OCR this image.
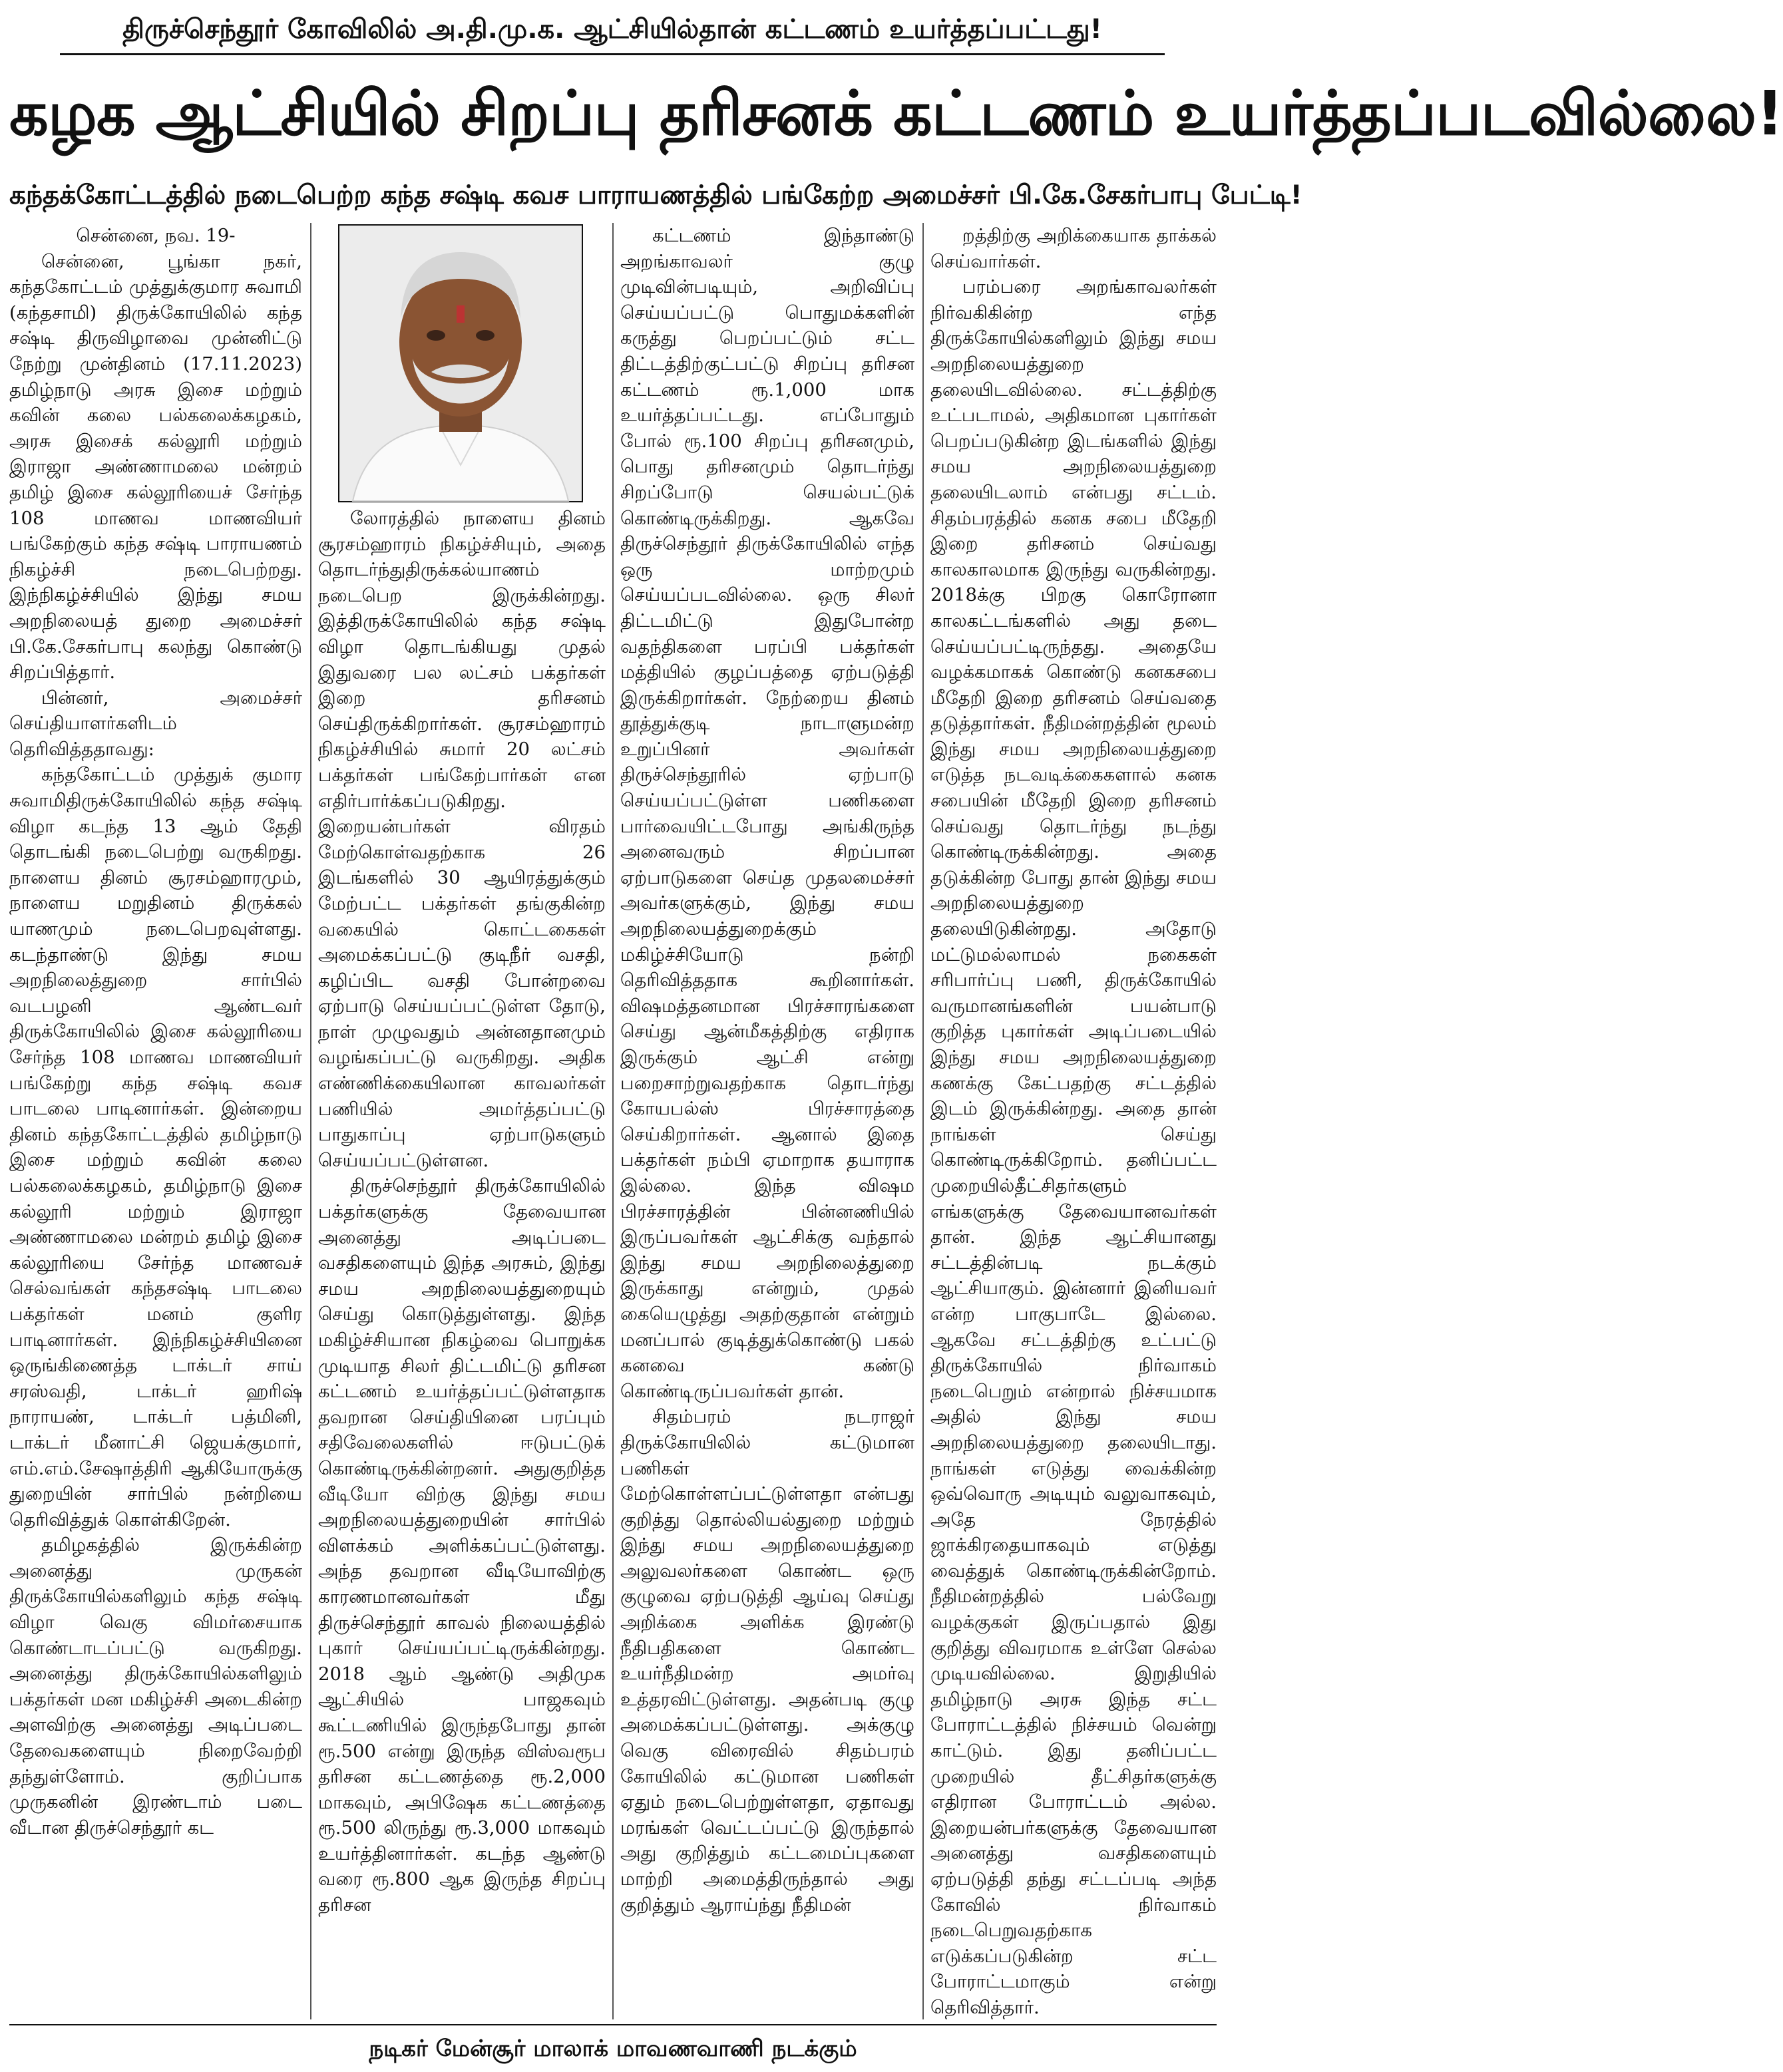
திருச்செந்தூர் கோவிலில் அ.தி.மு.க. ஆட்சியில்தான் கட்டணம் உயர்த்தப்பட்டது!
கழக ஆட்சியில் சிறப்பு தரிசனக் கட்டணம் உயர்த்தப்படவில்லை!
கந்தக்கோட்டத்தில் நடைபெற்ற கந்த சஷ்டி கவச பாராயணத்தில் பங்கேற்ற அமைச்சர் பி.கே.சேகர்பாபு பேட்டி!

சென்னை, நவ. 19-

சென்னை, பூங்கா நகர், கந்தகோட்டம் முத்துக்குமார சுவாமி (கந்தசாமி) திருக்கோயிலில் கந்த சஷ்டி திருவிழாவை முன்னிட்டு நேற்று முன்தினம் (17.11.2023) தமிழ்நாடு அரசு இசை மற்றும் கவின் கலை பல்கலைக்கழகம், அரசு இசைக் கல்லூரி மற்றும் இராஜா அண்ணாமலை மன்றம் தமிழ் இசை கல்லூரியைச் சேர்ந்த 108 மாணவ மாணவியர் பங்கேற்கும் கந்த சஷ்டி பாராயணம் நிகழ்ச்சி நடைபெற்றது. இந்நிகழ்ச்சியில் இந்து சமய அறநிலையத் துறை அமைச்சர் பி.கே.சேகர்பாபு கலந்து கொண்டு சிறப்பித்தார்.

பின்னர், அமைச்சர் செய்தியாளர்களிடம் தெரிவித்ததாவது:

கந்தகோட்டம் முத்துக் குமார சுவாமிதிருக்கோயிலில் கந்த சஷ்டி விழா கடந்த 13 ஆம் தேதி தொடங்கி நடைபெற்று வருகிறது. நாளைய தினம் சூரசம்ஹாரமும், நாளைய மறுதினம் திருக்கல் யாணமும் நடைபெறவுள்ளது. கடந்தாண்டு இந்து சமய அறநிலைத்துறை சார்பில் வடபழனி ஆண்டவர் திருக்கோயிலில் இசை கல்லூரியை சேர்ந்த 108 மாணவ மாணவியர் பங்கேற்று கந்த சஷ்டி கவச பாடலை பாடினார்கள். இன்றைய தினம் கந்தகோட்டத்தில் தமிழ்நாடு இசை மற்றும் கவின் கலை பல்கலைக்கழகம், தமிழ்நாடு இசை கல்லூரி மற்றும் இராஜா அண்ணாமலை மன்றம் தமிழ் இசை கல்லூரியை சேர்ந்த மாணவச் செல்வங்கள் கந்தசஷ்டி பாடலை பக்தர்கள் மனம் குளிர பாடினார்கள். இந்நிகழ்ச்சியினை ஒருங்கிணைத்த டாக்டர் சாய் சரஸ்வதி, டாக்டர் ஹரிஷ் நாராயண், டாக்டர் பத்மினி, டாக்டர் மீனாட்சி ஜெயக்குமார், எம்.எம்.சேஷாத்திரி ஆகியோருக்கு துறையின் சார்பில் நன்றியை தெரிவித்துக் கொள்கிறேன்.

தமிழகத்தில் இருக்கின்ற அனைத்து முருகன் திருக்கோயில்களிலும் கந்த சஷ்டி விழா வெகு விமர்சையாக கொண்டாடப்பட்டு வருகிறது. அனைத்து திருக்கோயில்களிலும் பக்தர்கள் மன மகிழ்ச்சி அடைகின்ற அளவிற்கு அனைத்து அடிப்படை தேவைகளையும் நிறைவேற்றி தந்துள்ளோம். குறிப்பாக முருகனின் இரண்டாம் படை வீடான திருச்செந்தூர் கட

லோரத்தில் நாளைய தினம் சூரசம்ஹாரம் நிகழ்ச்சியும், அதை தொடர்ந்துதிருக்கல்யாணம் நடைபெற இருக்கின்றது. இத்திருக்கோயிலில் கந்த சஷ்டி விழா தொடங்கியது முதல் இதுவரை பல லட்சம் பக்தர்கள் இறை தரிசனம் செய்திருக்கிறார்கள். சூரசம்ஹாரம் நிகழ்ச்சியில் சுமார் 20 லட்சம் பக்தர்கள் பங்கேற்பார்கள் என எதிர்பார்க்கப்படுகிறது. இறையன்பர்கள் விரதம் மேற்கொள்வதற்காக 26 இடங்களில் 30 ஆயிரத்துக்கும் மேற்பட்ட பக்தர்கள் தங்குகின்ற வகையில் கொட்டகைகள் அமைக்கப்பட்டு குடிநீர் வசதி, கழிப்பிட வசதி போன்றவை ஏற்பாடு செய்யப்பட்டுள்ள தோடு, நாள் முழுவதும் அன்னதானமும் வழங்கப்பட்டு வருகிறது. அதிக எண்ணிக்கையிலான காவலர்கள் பணியில் அமர்த்தப்பட்டு பாதுகாப்பு ஏற்பாடுகளும் செய்யப்பட்டுள்ளன.

திருச்செந்தூர் திருக்கோயிலில் பக்தர்களுக்கு தேவையான அனைத்து அடிப்படை வசதிகளையும் இந்த அரசும், இந்து சமய அறநிலையத்துறையும் செய்து கொடுத்துள்ளது. இந்த மகிழ்ச்சியான நிகழ்வை பொறுக்க முடியாத சிலர் திட்டமிட்டு தரிசன கட்டணம் உயர்த்தப்பட்டுள்ளதாக தவறான செய்தியினை பரப்பும் சதிவேலைகளில் ஈடுபட்டுக் கொண்டிருக்கின்றனர். அதுகுறித்த வீடியோ விற்கு இந்து சமய அறநிலையத்துறையின் சார்பில் விளக்கம் அளிக்கப்பட்டுள்ளது. அந்த தவறான வீடியோவிற்கு காரணமானவர்கள் மீது திருச்செந்தூர் காவல் நிலையத்தில் புகார் செய்யப்பட்டிருக்கின்றது. 2018 ஆம் ஆண்டு அதிமுக ஆட்சியில் பாஜகவும் கூட்டணியில் இருந்தபோது தான் ரூ.500 என்று இருந்த விஸ்வரூப தரிசன கட்டணத்தை ரூ.2,000 மாகவும், அபிஷேக கட்டணத்தை ரூ.500 லிருந்து ரூ.3,000 மாகவும் உயர்த்தினார்கள். கடந்த ஆண்டு வரை ரூ.800 ஆக இருந்த சிறப்பு தரிசன

கட்டணம் இந்தாண்டு அறங்காவலர் குழு முடிவின்படியும், அறிவிப்பு செய்யப்பட்டு பொதுமக்களின் கருத்து பெறப்பட்டும் சட்ட திட்டத்திற்குட்பட்டு சிறப்பு தரிசன கட்டணம் ரூ.1,000 மாக உயர்த்தப்பட்டது. எப்போதும் போல் ரூ.100 சிறப்பு தரிசனமும், பொது தரிசனமும் தொடர்ந்து சிறப்போடு செயல்பட்டுக் கொண்டிருக்கிறது. ஆகவே திருச்செந்தூர் திருக்கோயிலில் எந்த ஒரு மாற்றமும் செய்யப்படவில்லை. ஒரு சிலர் திட்டமிட்டு இதுபோன்ற வதந்திகளை பரப்பி பக்தர்கள் மத்தியில் குழப்பத்தை ஏற்படுத்தி இருக்கிறார்கள். நேற்றைய தினம் தூத்துக்குடி நாடாளுமன்ற உறுப்பினர் அவர்கள் திருச்செந்தூரில் ஏற்பாடு செய்யப்பட்டுள்ள பணிகளை பார்வையிட்டபோது அங்கிருந்த அனைவரும் சிறப்பான ஏற்பாடுகளை செய்த முதலமைச்சர் அவர்களுக்கும், இந்து சமய அறநிலையத்துறைக்கும் மகிழ்ச்சியோடு நன்றி தெரிவித்ததாக கூறினார்கள். விஷமத்தனமான பிரச்சாரங்களை செய்து ஆன்மீகத்திற்கு எதிராக இருக்கும் ஆட்சி என்று பறைசாற்றுவதற்காக தொடர்ந்து கோயபல்ஸ் பிரச்சாரத்தை செய்கிறார்கள். ஆனால் இதை பக்தர்கள் நம்பி ஏமாறாக தயாராக இல்லை. இந்த விஷம பிரச்சாரத்தின் பின்னணியில் இருப்பவர்கள் ஆட்சிக்கு வந்தால் இந்து சமய அறநிலைத்துறை இருக்காது என்றும், முதல் கையெழுத்து அதற்குதான் என்றும் மனப்பால் குடித்துக்கொண்டு பகல் கனவை கண்டு கொண்டிருப்பவர்கள் தான்.

சிதம்பரம் நடராஜர் திருக்கோயிலில் கட்டுமான பணிகள் மேற்கொள்ளப்பட்டுள்ளதா என்பது குறித்து தொல்லியல்துறை மற்றும் இந்து சமய அறநிலையத்துறை அலுவலர்களை கொண்ட ஒரு குழுவை ஏற்படுத்தி ஆய்வு செய்து அறிக்கை அளிக்க இரண்டு நீதிபதிகளை கொண்ட உயர்நீதிமன்ற அமர்வு உத்தரவிட்டுள்ளது. அதன்படி குழு அமைக்கப்பட்டுள்ளது. அக்குழு வெகு விரைவில் சிதம்பரம் கோயிலில் கட்டுமான பணிகள் ஏதும் நடைபெற்றுள்ளதா, ஏதாவது மரங்கள் வெட்டப்பட்டு இருந்தால் அது குறித்தும் கட்டமைப்புகளை மாற்றி அமைத்திருந்தால் அது குறித்தும் ஆராய்ந்து நீதிமன்

றத்திற்கு அறிக்கையாக தாக்கல் செய்வார்கள்.

பரம்பரை அறங்காவலர்கள் நிர்வகிகின்ற எந்த திருக்கோயில்களிலும் இந்து சமய அறநிலையத்துறை தலையிடவில்லை. சட்டத்திற்கு உட்படாமல், அதிகமான புகார்கள் பெறப்படுகின்ற இடங்களில் இந்து சமய அறநிலையத்துறை தலையிடலாம் என்பது சட்டம். சிதம்பரத்தில் கனக சபை மீதேறி இறை தரிசனம் செய்வது காலகாலமாக இருந்து வருகின்றது. 2018க்கு பிறகு கொரோனா காலகட்டங்களில் அது தடை செய்யப்பட்டிருந்தது. அதையே வழக்கமாகக் கொண்டு கனகசபை மீதேறி இறை தரிசனம் செய்வதை தடுத்தார்கள். நீதிமன்றத்தின் மூலம் இந்து சமய அறநிலையத்துறை எடுத்த நடவடிக்கைகளால் கனக சபையின் மீதேறி இறை தரிசனம் செய்வது தொடர்ந்து நடந்து கொண்டிருக்கின்றது. அதை தடுக்கின்ற போது தான் இந்து சமய அறநிலையத்துறை தலையிடுகின்றது. அதோடு மட்டுமல்லாமல் நகைகள் சரிபார்ப்பு பணி, திருக்கோயில் வருமானங்களின் பயன்பாடு குறித்த புகார்கள் அடிப்படையில் இந்து சமய அறநிலையத்துறை கணக்கு கேட்பதற்கு சட்டத்தில் இடம் இருக்கின்றது. அதை தான் நாங்கள் செய்து கொண்டிருக்கிறோம். தனிப்பட்ட முறையில்தீட்சிதர்களும் எங்களுக்கு தேவையானவர்கள் தான். இந்த ஆட்சியானது சட்டத்தின்படி நடக்கும் ஆட்சியாகும். இன்னார் இனியவர் என்ற பாகுபாடே இல்லை. ஆகவே சட்டத்திற்கு உட்பட்டு திருக்கோயில் நிர்வாகம் நடைபெறும் என்றால் நிச்சயமாக அதில் இந்து சமய அறநிலையத்துறை தலையிடாது. நாங்கள் எடுத்து வைக்கின்ற ஒவ்வொரு அடியும் வலுவாகவும், அதே நேரத்தில் ஜாக்கிரதையாகவும் எடுத்து வைத்துக் கொண்டிருக்கின்றோம். நீதிமன்றத்தில் பல்வேறு வழக்குகள் இருப்பதால் இது குறித்து விவரமாக உள்ளே செல்ல முடியவில்லை. இறுதியில் தமிழ்நாடு அரசு இந்த சட்ட போராட்டத்தில் நிச்சயம் வென்று காட்டும். இது தனிப்பட்ட முறையில் தீட்சிதர்களுக்கு எதிரான போராட்டம் அல்ல. இறையன்பர்களுக்கு தேவையான அனைத்து வசதிகளையும் ஏற்படுத்தி தந்து சட்டப்படி அந்த கோவில் நிர்வாகம் நடைபெறுவதற்காக எடுக்கப்படுகின்ற சட்ட போராட்டமாகும் என்று தெரிவித்தார்.

நடிகர் மேன்சூர் மாலாக் மாவணவாணி நடக்கும்
